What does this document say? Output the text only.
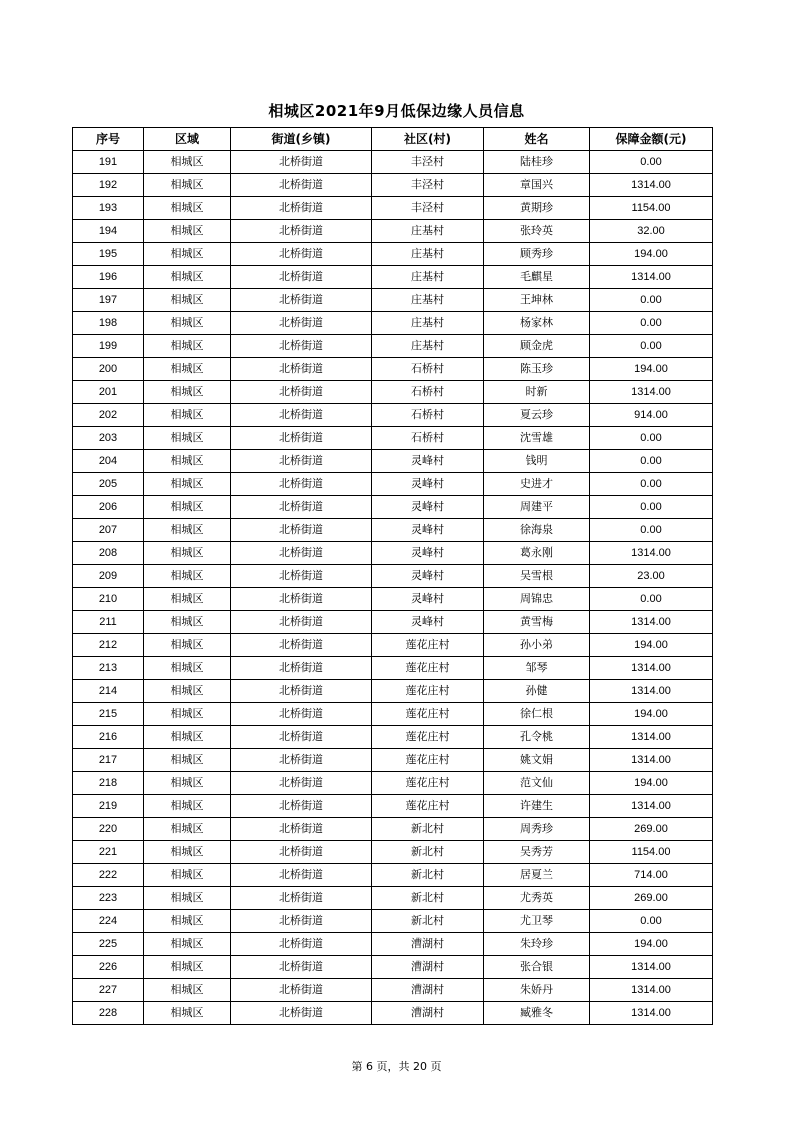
相城区2021年9月低保边缘人员信息
序号	区域	街道(乡镇)	社区(村)	姓名	保障金额(元)
191	相城区	北桥街道	丰泾村	陆桂珍	0.00
192	相城区	北桥街道	丰泾村	章国兴	1314.00
193	相城区	北桥街道	丰泾村	黄期珍	1154.00
194	相城区	北桥街道	庄基村	张玲英	32.00
195	相城区	北桥街道	庄基村	顾秀珍	194.00
196	相城区	北桥街道	庄基村	毛麒星	1314.00
197	相城区	北桥街道	庄基村	王坤林	0.00
198	相城区	北桥街道	庄基村	杨家林	0.00
199	相城区	北桥街道	庄基村	顾金虎	0.00
200	相城区	北桥街道	石桥村	陈玉珍	194.00
201	相城区	北桥街道	石桥村	时新	1314.00
202	相城区	北桥街道	石桥村	夏云珍	914.00
203	相城区	北桥街道	石桥村	沈雪雄	0.00
204	相城区	北桥街道	灵峰村	钱明	0.00
205	相城区	北桥街道	灵峰村	史进才	0.00
206	相城区	北桥街道	灵峰村	周建平	0.00
207	相城区	北桥街道	灵峰村	徐海泉	0.00
208	相城区	北桥街道	灵峰村	葛永刚	1314.00
209	相城区	北桥街道	灵峰村	吴雪根	23.00
210	相城区	北桥街道	灵峰村	周锦忠	0.00
211	相城区	北桥街道	灵峰村	黄雪梅	1314.00
212	相城区	北桥街道	莲花庄村	孙小弟	194.00
213	相城区	北桥街道	莲花庄村	邹琴	1314.00
214	相城区	北桥街道	莲花庄村	孙健	1314.00
215	相城区	北桥街道	莲花庄村	徐仁根	194.00
216	相城区	北桥街道	莲花庄村	孔令桃	1314.00
217	相城区	北桥街道	莲花庄村	姚文娟	1314.00
218	相城区	北桥街道	莲花庄村	范文仙	194.00
219	相城区	北桥街道	莲花庄村	许建生	1314.00
220	相城区	北桥街道	新北村	周秀珍	269.00
221	相城区	北桥街道	新北村	吴秀芳	1154.00
222	相城区	北桥街道	新北村	居夏兰	714.00
223	相城区	北桥街道	新北村	尤秀英	269.00
224	相城区	北桥街道	新北村	尤卫琴	0.00
225	相城区	北桥街道	漕湖村	朱玲珍	194.00
226	相城区	北桥街道	漕湖村	张合银	1314.00
227	相城区	北桥街道	漕湖村	朱娇丹	1314.00
228	相城区	北桥街道	漕湖村	臧雅冬	1314.00
第 6 页，共 20 页
